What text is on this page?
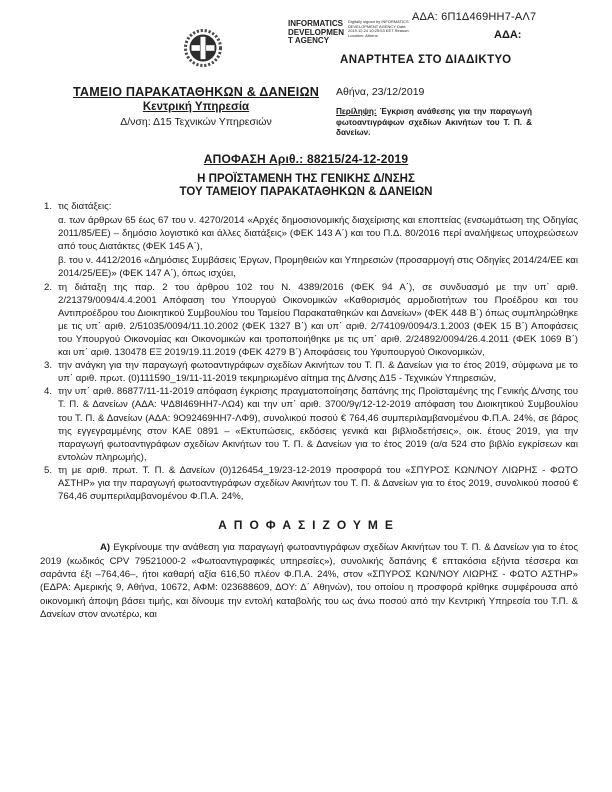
ΑΔΑ: 6Π1Δ469ΗΗ7-ΑΛ7
INFORMATICS DEVELOPMENT AGENCY
Digitally signed by INFORMATICS DEVELOPMENT AGENCY Date: 2019.12.24 10:25:53 EET Reason: Location: Athens	ΑΔΑ:
ΑΝΑΡΤΗΤΕΑ ΣΤΟ ΔΙΑΔΙΚΤΥΟ
ΤΑΜΕΙΟ ΠΑΡΑΚΑΤΑΘΗΚΩΝ & ΔΑΝΕΙΩΝ
Κεντρική Υπηρεσία
Δ/νση: Δ15 Τεχνικών Υπηρεσιών
Αθήνα, 23/12/2019
Περίληψη: Έγκριση ανάθεσης για την παραγωγή φωτοαντιγράφων σχεδίων Ακινήτων του Τ. Π. & δανείων.
ΑΠΟΦΑΣΗ Αριθ.: 88215/24-12-2019
Η ΠΡΟΪΣΤΑΜΕΝΗ ΤΗΣ ΓΕΝΙΚΗΣ Δ/ΝΣΗΣ
ΤΟΥ ΤΑΜΕΙΟΥ ΠΑΡΑΚΑΤΑΘΗΚΩΝ & ΔΑΝΕΙΩΝ
1. τις διατάξεις:
α. των άρθρων 65 έως 67 του ν. 4270/2014 «Αρχές δημοσιονομικής διαχείρισης και εποπτείας (ενσωμάτωση της Οδηγίας 2011/85/ΕΕ) – δημόσιο λογιστικό και άλλες διατάξεις» (ΦΕΚ 143 Α΄) και του Π.Δ. 80/2016 περί αναλήψεως υποχρεώσεων από τους Διατάκτες (ΦΕΚ 145 Α΄),
β. του ν. 4412/2016 «Δημόσιες Συμβάσεις Έργων, Προμηθειών και Υπηρεσιών (προσαρμογή στις Οδηγίες 2014/24/ΕΕ και 2014/25/ΕΕ)» (ΦΕΚ 147 Α΄), όπως ισχύει,
2. τη διάταξη της παρ. 2 του άρθρου 102 του Ν. 4389/2016 (ΦΕΚ 94 Α΄), σε συνδυασμό με την υπ΄ αριθ. 2/21379/0094/4.4.2001 Απόφαση του Υπουργού Οικονομικών «Καθορισμός αρμοδιοτήτων του Προέδρου και του Αντιπροέδρου του Διοικητικού Συμβουλίου του Ταμείου Παρακαταθηκών και Δανείων» (ΦΕΚ 448 Β΄) όπως συμπληρώθηκε με τις υπ΄ αριθ. 2/51035/0094/11.10.2002 (ΦΕΚ 1327 Β΄) και υπ΄ αριθ. 2/74109/0094/3.1.2003 (ΦΕΚ 15 Β΄) Αποφάσεις του Υπουργού Οικονομίας και Οικονομικών και τροποποιήθηκε με τις υπ΄ αριθ. 2/24892/0094/26.4.2011 (ΦΕΚ 1069 Β΄) και υπ΄ αριθ. 130478 ΕΞ 2019/19.11.2019 (ΦΕΚ 4279 Β΄) Αποφάσεις του Υφυπουργού Οικονομικών,
3. την ανάγκη για την παραγωγή φωτοαντιγράφων σχεδίων Ακινήτων του Τ. Π. & Δανείων για το έτος 2019, σύμφωνα με το υπ΄ αριθ. πρωτ. (0)111590_19/11-11-2019 τεκμηριωμένο αίτημα της Δ/νσης Δ15 - Τεχνικών Υπηρεσιών,
4. την υπ΄ αριθ. 86877/11-11-2019 απόφαση έγκρισης πραγματοποίησης δαπάνης της Προϊσταμένης της Γενικής Δ/νσης του Τ. Π. & Δανείων (ΑΔΑ: ΨΔ8Ι469ΗΗ7-ΛΩ4) και την υπ΄ αριθ. 3700/9γ/12-12-2019 απόφαση του Διοικητικού Συμβουλίου του Τ. Π. & Δανείων (ΑΔΑ: 9Ο92469ΗΗ7-ΛΦ9), συνολικού ποσού € 764,46 συμπεριλαμβανομένου Φ.Π.Α. 24%, σε βάρος της εγγεγραμμένης στον ΚΑΕ 0891 – «Εκτυπώσεις, εκδόσεις γενικά και βιβλιοδετήσεις», οικ. έτους 2019, για την παραγωγή φωτοαντιγράφων σχεδίων Ακινήτων του Τ. Π. & Δανείων για το έτος 2019 (α/α 524 στο βιβλίο εγκρίσεων και εντολών πληρωμής),
5. τη με αριθ. πρωτ. Τ. Π. & Δανείων (0)126454_19/23-12-2019 προσφορά του «ΣΠΥΡΟΣ ΚΩΝ/ΝΟΥ ΛΙΩΡΗΣ - ΦΩΤΟ ΑΣΤΗΡ» για την παραγωγή φωτοαντιγράφων σχεδίων Ακινήτων του Τ. Π. & Δανείων για το έτος 2019, συνολικού ποσού € 764,46 συμπεριλαμβανομένου Φ.Π.Α. 24%,
ΑΠΟΦΑΣΙΖΟΥΜΕ

Α) Εγκρίνουμε την ανάθεση για παραγωγή φωτοαντιγράφων σχεδίων Ακινήτων του Τ. Π. & Δανείων για το έτος 2019 (κωδικός CPV 79521000-2 «Φωτοαντιγραφικές υπηρεσίες»), συνολικής δαπάνης € επτακόσια εξήντα τέσσερα και σαράντα έξι –764,46–, ήτοι καθαρή αξία 616,50 πλέον Φ.Π.Α. 24%, στον «ΣΠΥΡΟΣ ΚΩΝ/ΝΟΥ ΛΙΩΡΗΣ - ΦΩΤΟ ΑΣΤΗΡ» (ΕΔΡΑ: Αμερικής 9, Αθήνα, 10672, ΑΦΜ: 023688609, ΔΟΥ: Δ΄ Αθηνών), του οποίου η προσφορά κρίθηκε συμφέρουσα από οικονομική άποψη βάσει τιμής, και δίνουμε την εντολή καταβολής του ως άνω ποσού από την Κεντρική Υπηρεσία του Τ.Π. & Δανείων στον ανωτέρω, και
